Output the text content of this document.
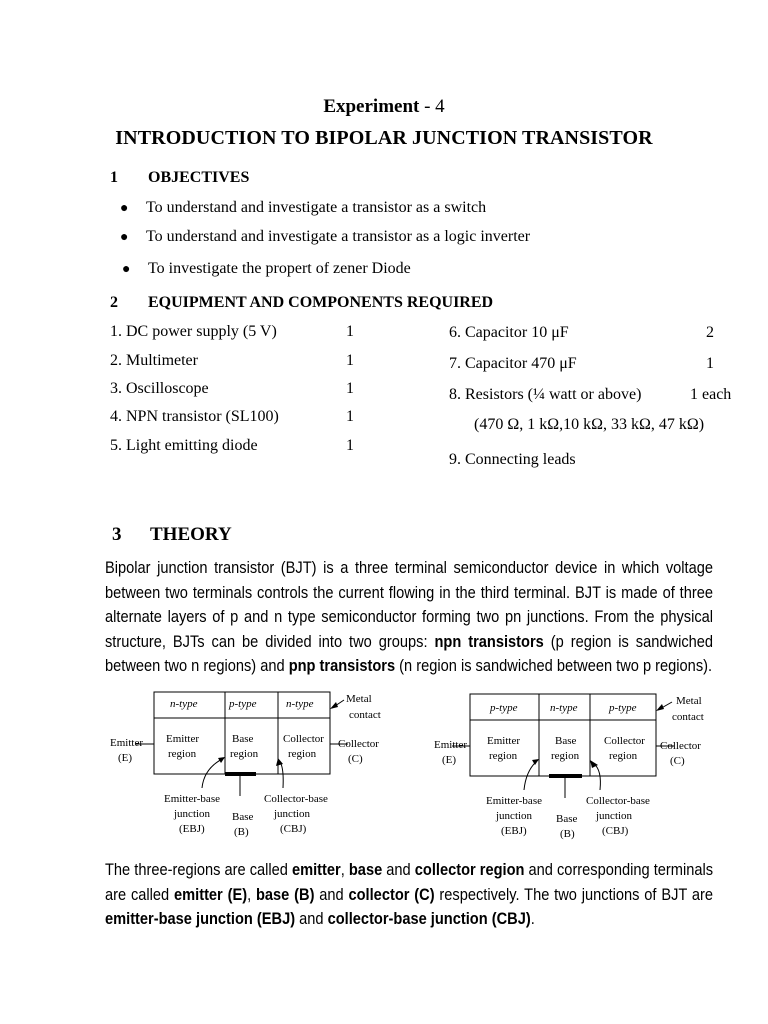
Experiment - 4
INTRODUCTION TO BIPOLAR JUNCTION TRANSISTOR
1 OBJECTIVES
● To understand and investigate a transistor as a switch
● To understand and investigate a transistor as a logic inverter
● To investigate the propert of zener Diode
2 EQUIPMENT AND COMPONENTS REQUIRED
1. DC power supply (5 V)	1
2. Multimeter	1
3. Oscilloscope	1
4. NPN transistor (SL100)	1
5. Light emitting diode	1
6. Capacitor 10 μF	2
7. Capacitor 470 μF	1
8. Resistors (¼ watt or above)	1 each
(470 Ω, 1 kΩ,10 kΩ, 33 kΩ, 47 kΩ)
9. Connecting leads
3 THEORY
Bipolar junction transistor (BJT) is a three terminal semiconductor device in which voltage between two terminals controls the current flowing in the third terminal. BJT is made of three alternate layers of p and n type semiconductor forming two pn junctions. From the physical structure, BJTs can be divided into two groups: npn transistors (p region is sandwiched between two n regions) and pnp transistors (n region is sandwiched between two p regions).
n-type	p-type	n-type
Emitter
region
Base
region
Collector
region
Metal
contact
Emitter
(E)
Collector
(C)
Emitter-base
junction
(EBJ)
Base
(B)
Collector-base
junction
(CBJ)
p-type	n-type	p-type
Emitter
region
Base
region
Collector
region
Metal
contact
Emitter
(E)
Collector
(C)
Emitter-base
junction
(EBJ)
Base
(B)
Collector-base
junction
(CBJ)
The three-regions are called emitter, base and collector region and corresponding terminals are called emitter (E), base (B) and collector (C) respectively. The two junctions of BJT are emitter-base junction (EBJ) and collector-base junction (CBJ).
